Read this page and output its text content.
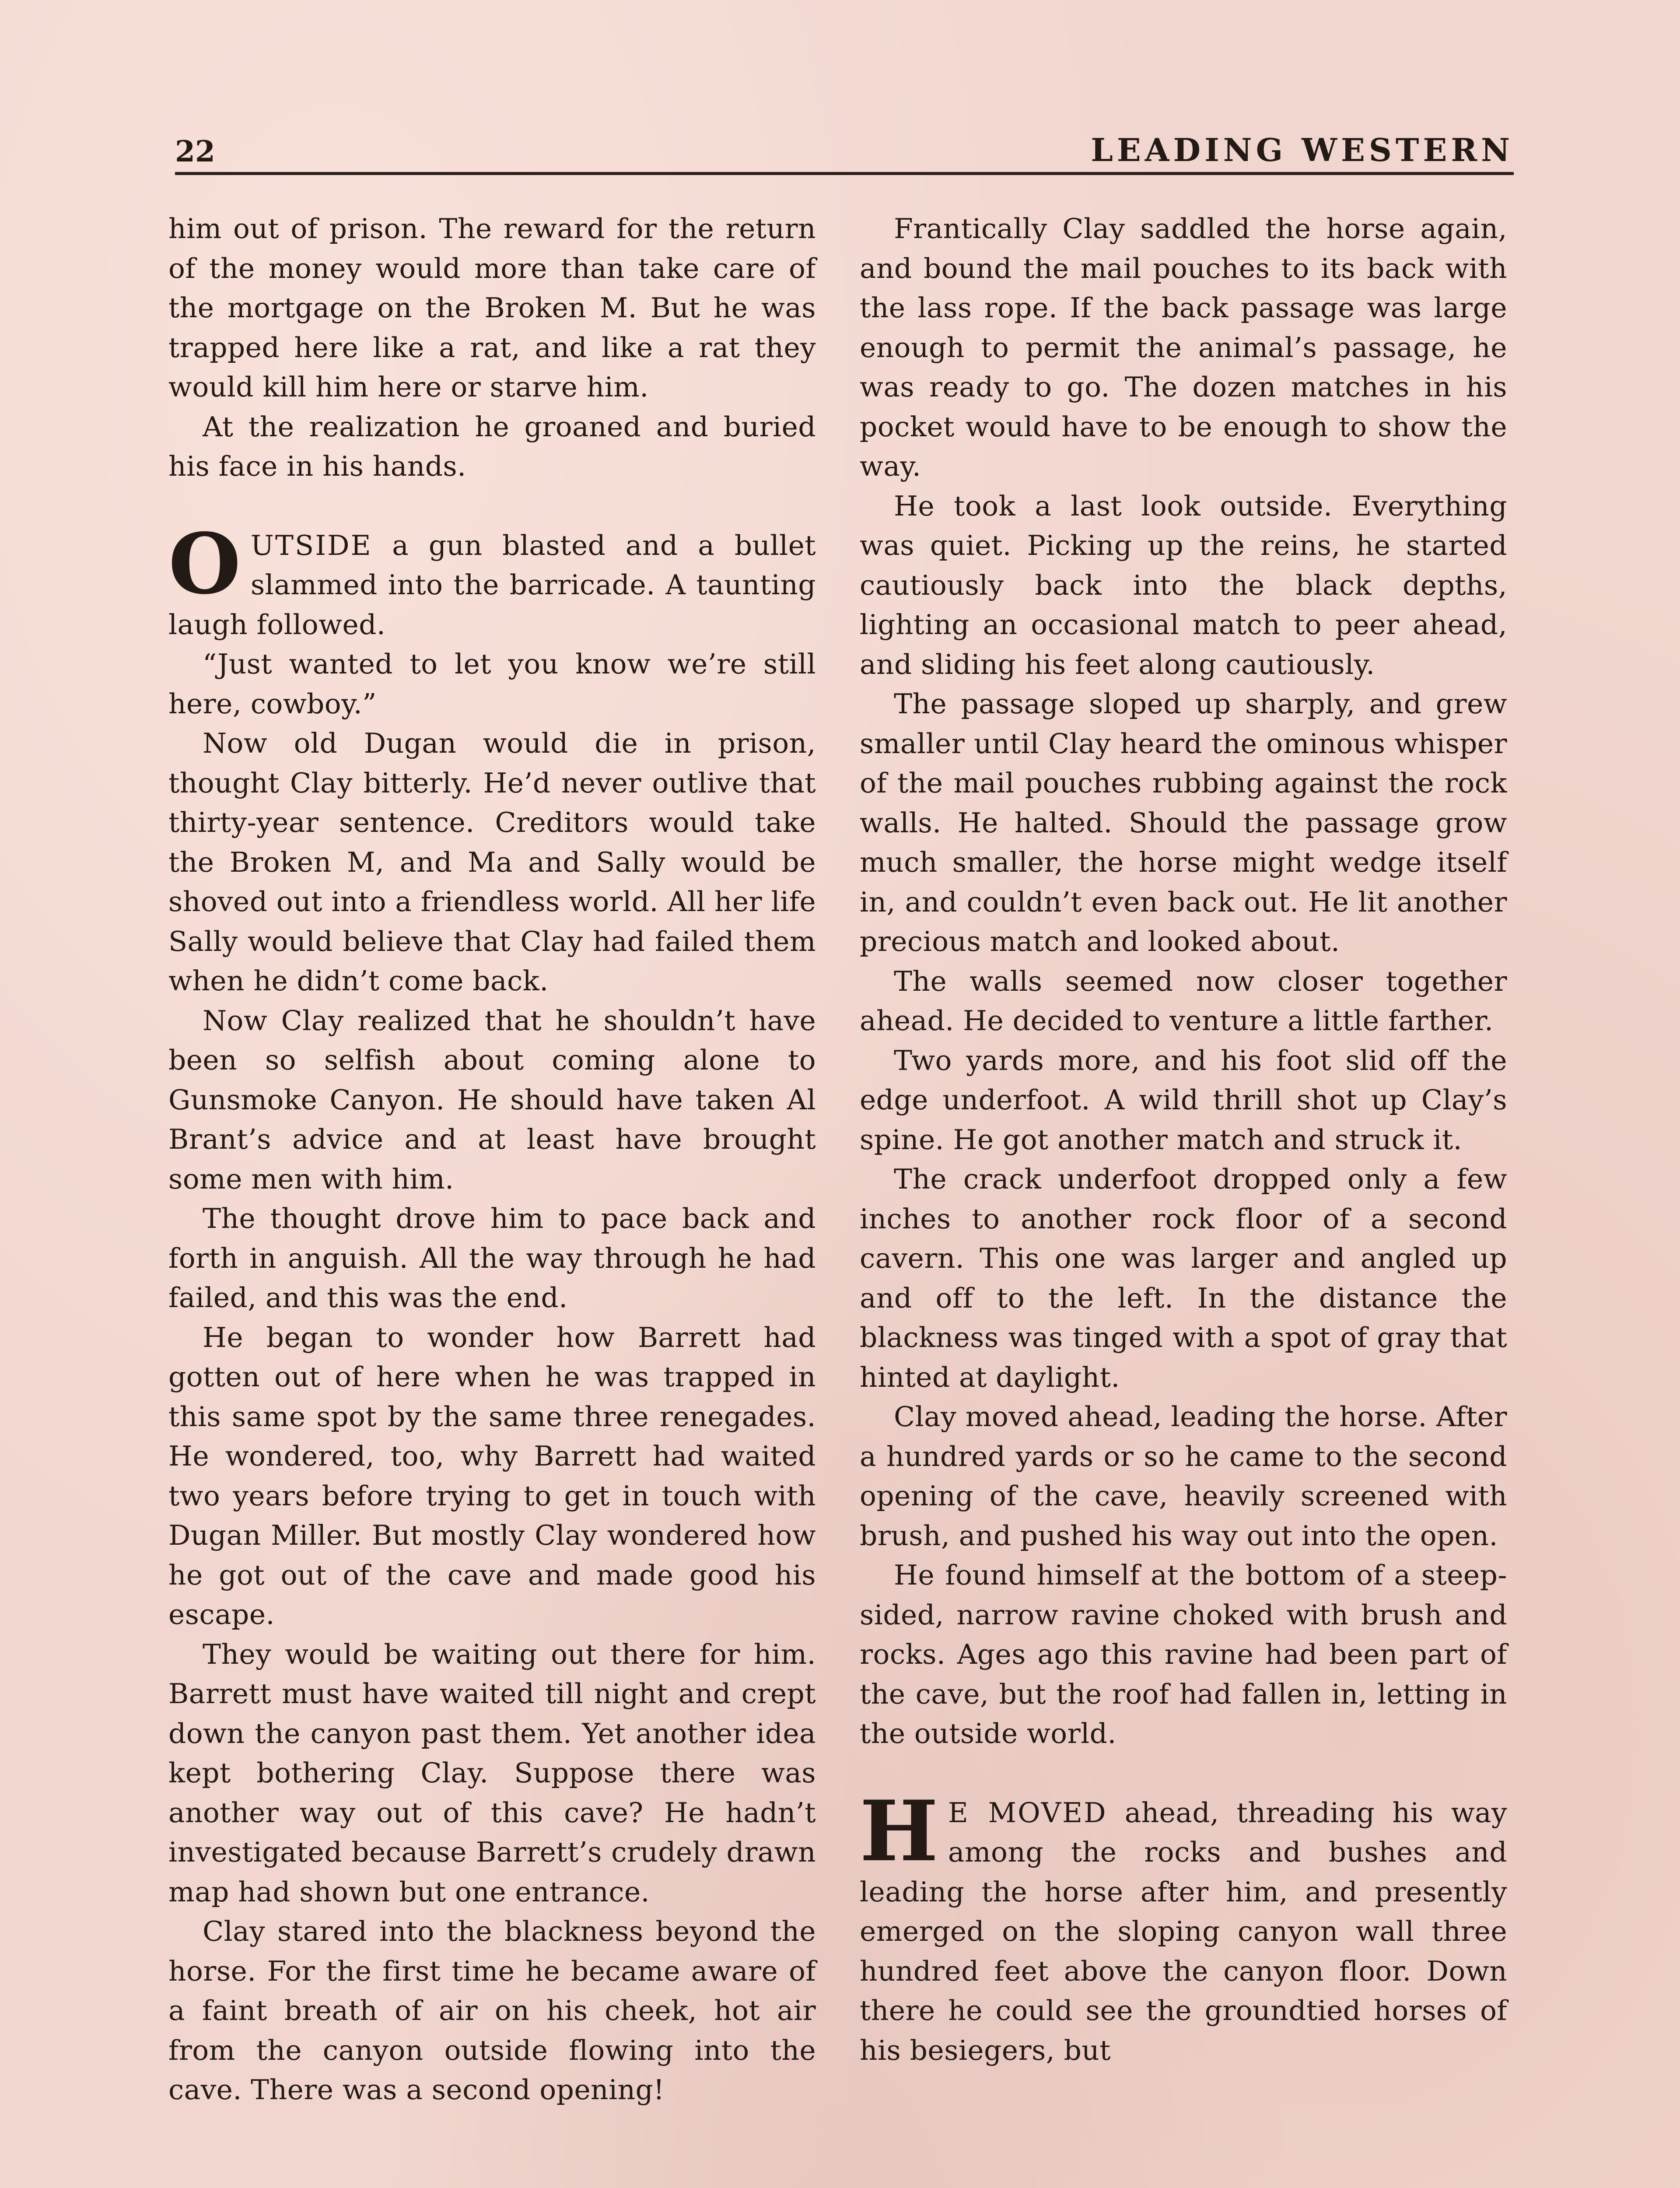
22	LEADING WESTERN

him out of prison. The reward for the return of the money would more than take care of the mortgage on the Broken M. But he was trapped here like a rat, and like a rat they would kill him here or starve him.

At the realization he groaned and buried his face in his hands.

OUTSIDE a gun blasted and a bullet slammed into the barricade. A taunting laugh followed.

“Just wanted to let you know we’re still here, cowboy.”

Now old Dugan would die in prison, thought Clay bitterly. He’d never outlive that thirty-year sentence. Creditors would take the Broken M, and Ma and Sally would be shoved out into a friendless world. All her life Sally would believe that Clay had failed them when he didn’t come back.

Now Clay realized that he shouldn’t have been so selfish about coming alone to Gunsmoke Canyon. He should have taken Al Brant’s advice and at least have brought some men with him.

The thought drove him to pace back and forth in anguish. All the way through he had failed, and this was the end.

He began to wonder how Barrett had gotten out of here when he was trapped in this same spot by the same three renegades. He wondered, too, why Barrett had waited two years before trying to get in touch with Dugan Miller. But mostly Clay wondered how he got out of the cave and made good his escape.

They would be waiting out there for him. Barrett must have waited till night and crept down the canyon past them. Yet another idea kept bothering Clay. Suppose there was another way out of this cave? He hadn’t investigated because Barrett’s crudely drawn map had shown but one entrance.

Clay stared into the blackness beyond the horse. For the first time he became aware of a faint breath of air on his cheek, hot air from the canyon outside flowing into the cave. There was a second opening!

Frantically Clay saddled the horse again, and bound the mail pouches to its back with the lass rope. If the back passage was large enough to permit the animal’s passage, he was ready to go. The dozen matches in his pocket would have to be enough to show the way.

He took a last look outside. Everything was quiet. Picking up the reins, he started cautiously back into the black depths, lighting an occasional match to peer ahead, and sliding his feet along cautiously.

The passage sloped up sharply, and grew smaller until Clay heard the ominous whisper of the mail pouches rubbing against the rock walls. He halted. Should the passage grow much smaller, the horse might wedge itself in, and couldn’t even back out. He lit another precious match and looked about.

The walls seemed now closer together ahead. He decided to venture a little farther.

Two yards more, and his foot slid off the edge underfoot. A wild thrill shot up Clay’s spine. He got another match and struck it.

The crack underfoot dropped only a few inches to another rock floor of a second cavern. This one was larger and angled up and off to the left. In the distance the blackness was tinged with a spot of gray that hinted at daylight.

Clay moved ahead, leading the horse. After a hundred yards or so he came to the second opening of the cave, heavily screened with brush, and pushed his way out into the open.

He found himself at the bottom of a steep-sided, narrow ravine choked with brush and rocks. Ages ago this ravine had been part of the cave, but the roof had fallen in, letting in the outside world.

HE MOVED ahead, threading his way among the rocks and bushes and leading the horse after him, and presently emerged on the sloping canyon wall three hundred feet above the canyon floor. Down there he could see the groundtied horses of his besiegers, but
